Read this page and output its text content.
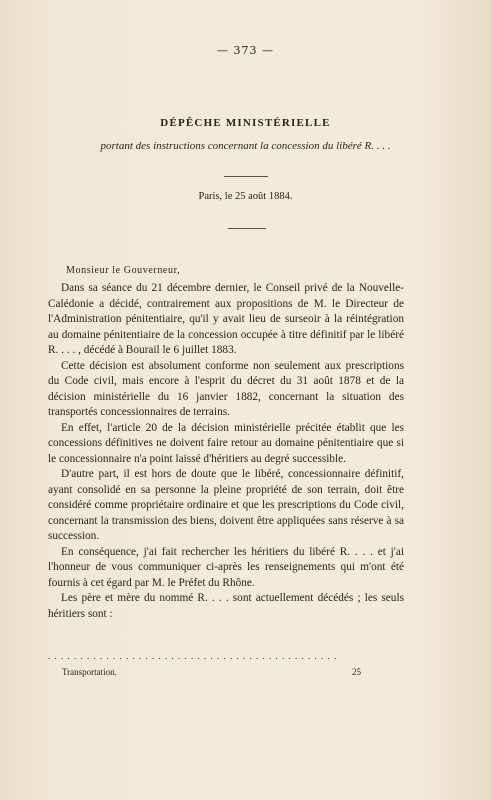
— 373 —
DÉPÊCHE MINISTÉRIELLE
portant des instructions concernant la concession du libéré R. . . .
Paris, le 25 août 1884.
Monsieur le Gouverneur,

Dans sa séance du 21 décembre dernier, le Conseil privé de la Nouvelle-Calédonie a décidé, contrairement aux propositions de M. le Directeur de l'Administration pénitentiaire, qu'il y avait lieu de surseoir à la réintégration au domaine pénitentiaire de la concession occupée à titre définitif par le libéré R. . . . , décédé à Bourail le 6 juillet 1883.

Cette décision est absolument conforme non seulement aux prescriptions du Code civil, mais encore à l'esprit du décret du 31 août 1878 et de la décision ministérielle du 16 janvier 1882, concernant la situation des transportés concessionnaires de terrains.

En effet, l'article 20 de la décision ministérielle précitée établit que les concessions définitives ne doivent faire retour au domaine pénitentiaire que si le concessionnaire n'a point laissé d'héritiers au degré successible.

D'autre part, il est hors de doute que le libéré, concessionnaire définitif, ayant consolidé en sa personne la pleine propriété de son terrain, doit être considéré comme propriétaire ordinaire et que les prescriptions du Code civil, concernant la transmission des biens, doivent être appliquées sans réserve à sa succession.

En conséquence, j'ai fait rechercher les héritiers du libéré R. . . . et j'ai l'honneur de vous communiquer ci-après les renseignements qui m'ont été fournis à cet égard par M. le Préfet du Rhône.

Les père et mère du nommé R. . . . sont actuellement décédés ; les seuls héritiers sont :

. . . . . . . . . . . . . . . . . . . . . . . . . . . . . . . . . . . . . . . . . . . . .
Transportation.	25
